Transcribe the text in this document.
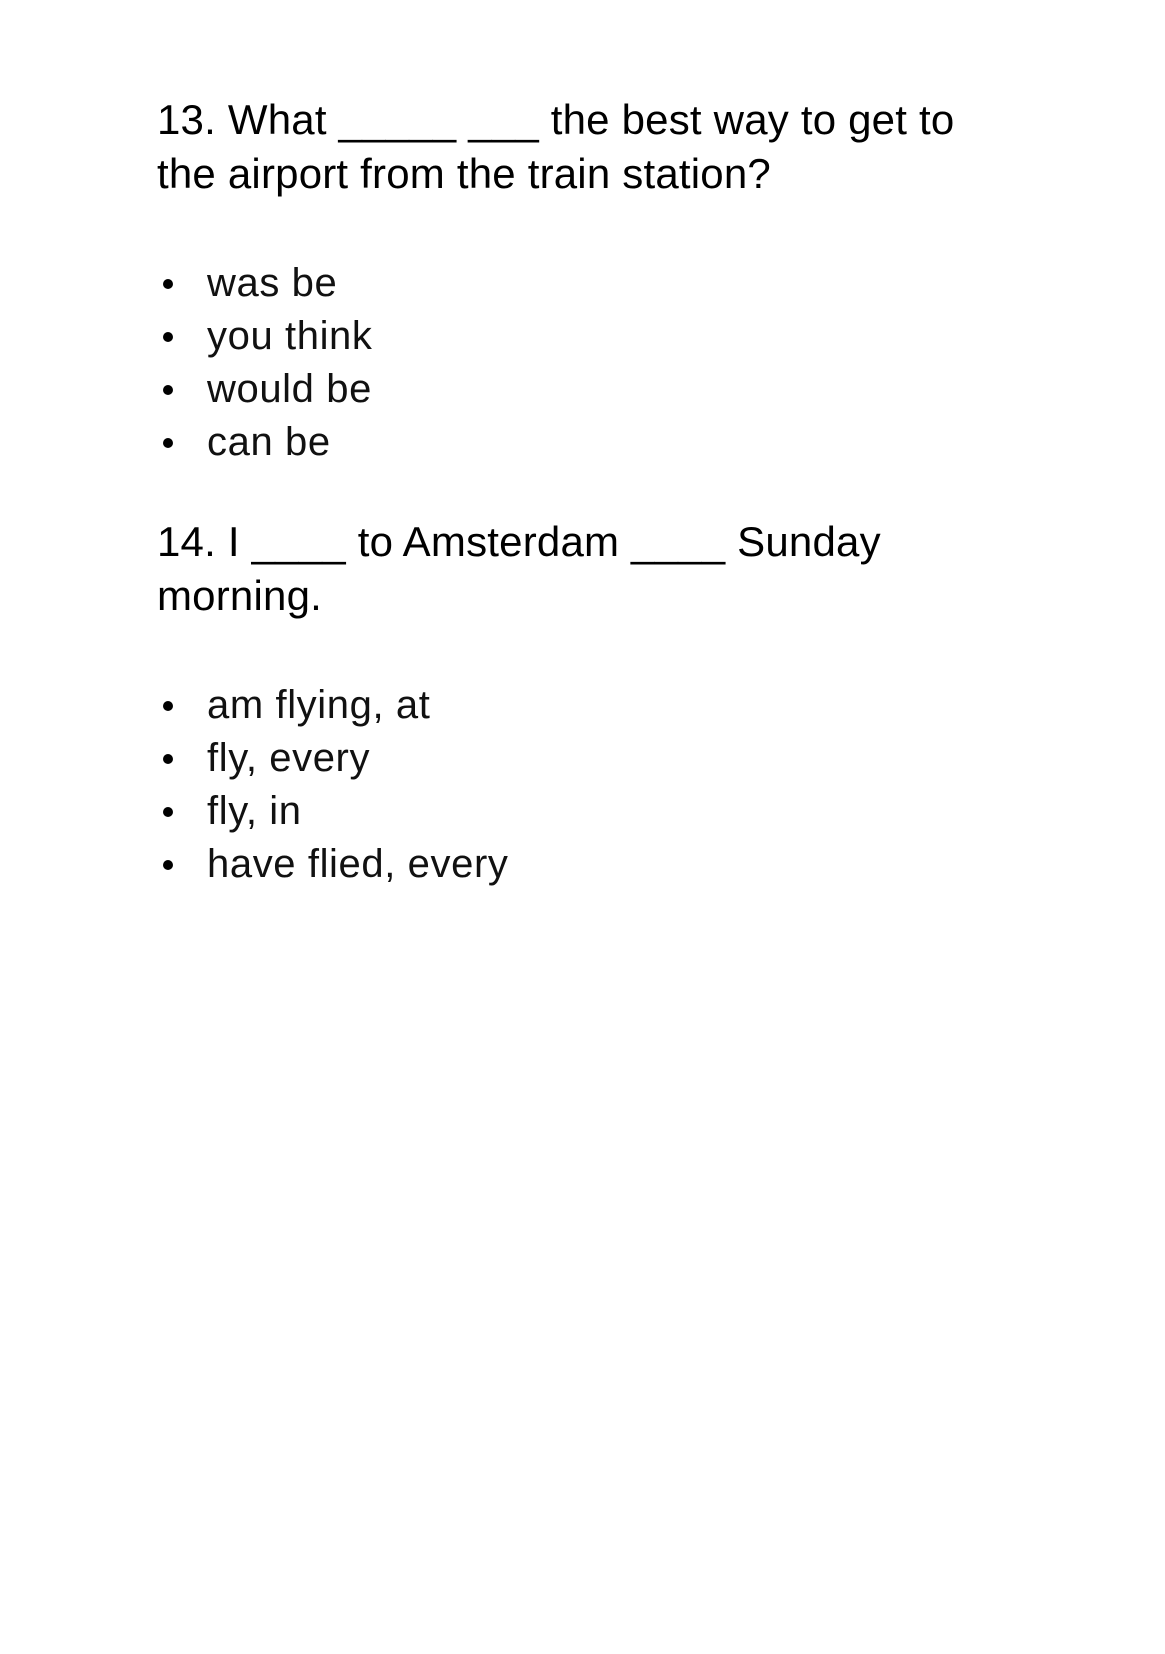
13. What _____ ___ the best way to get to the airport from the train station?

was be
you think
would be
can be

14. I ____ to Amsterdam ____ Sunday morning.

am flying, at
fly, every
fly, in
have flied, every
